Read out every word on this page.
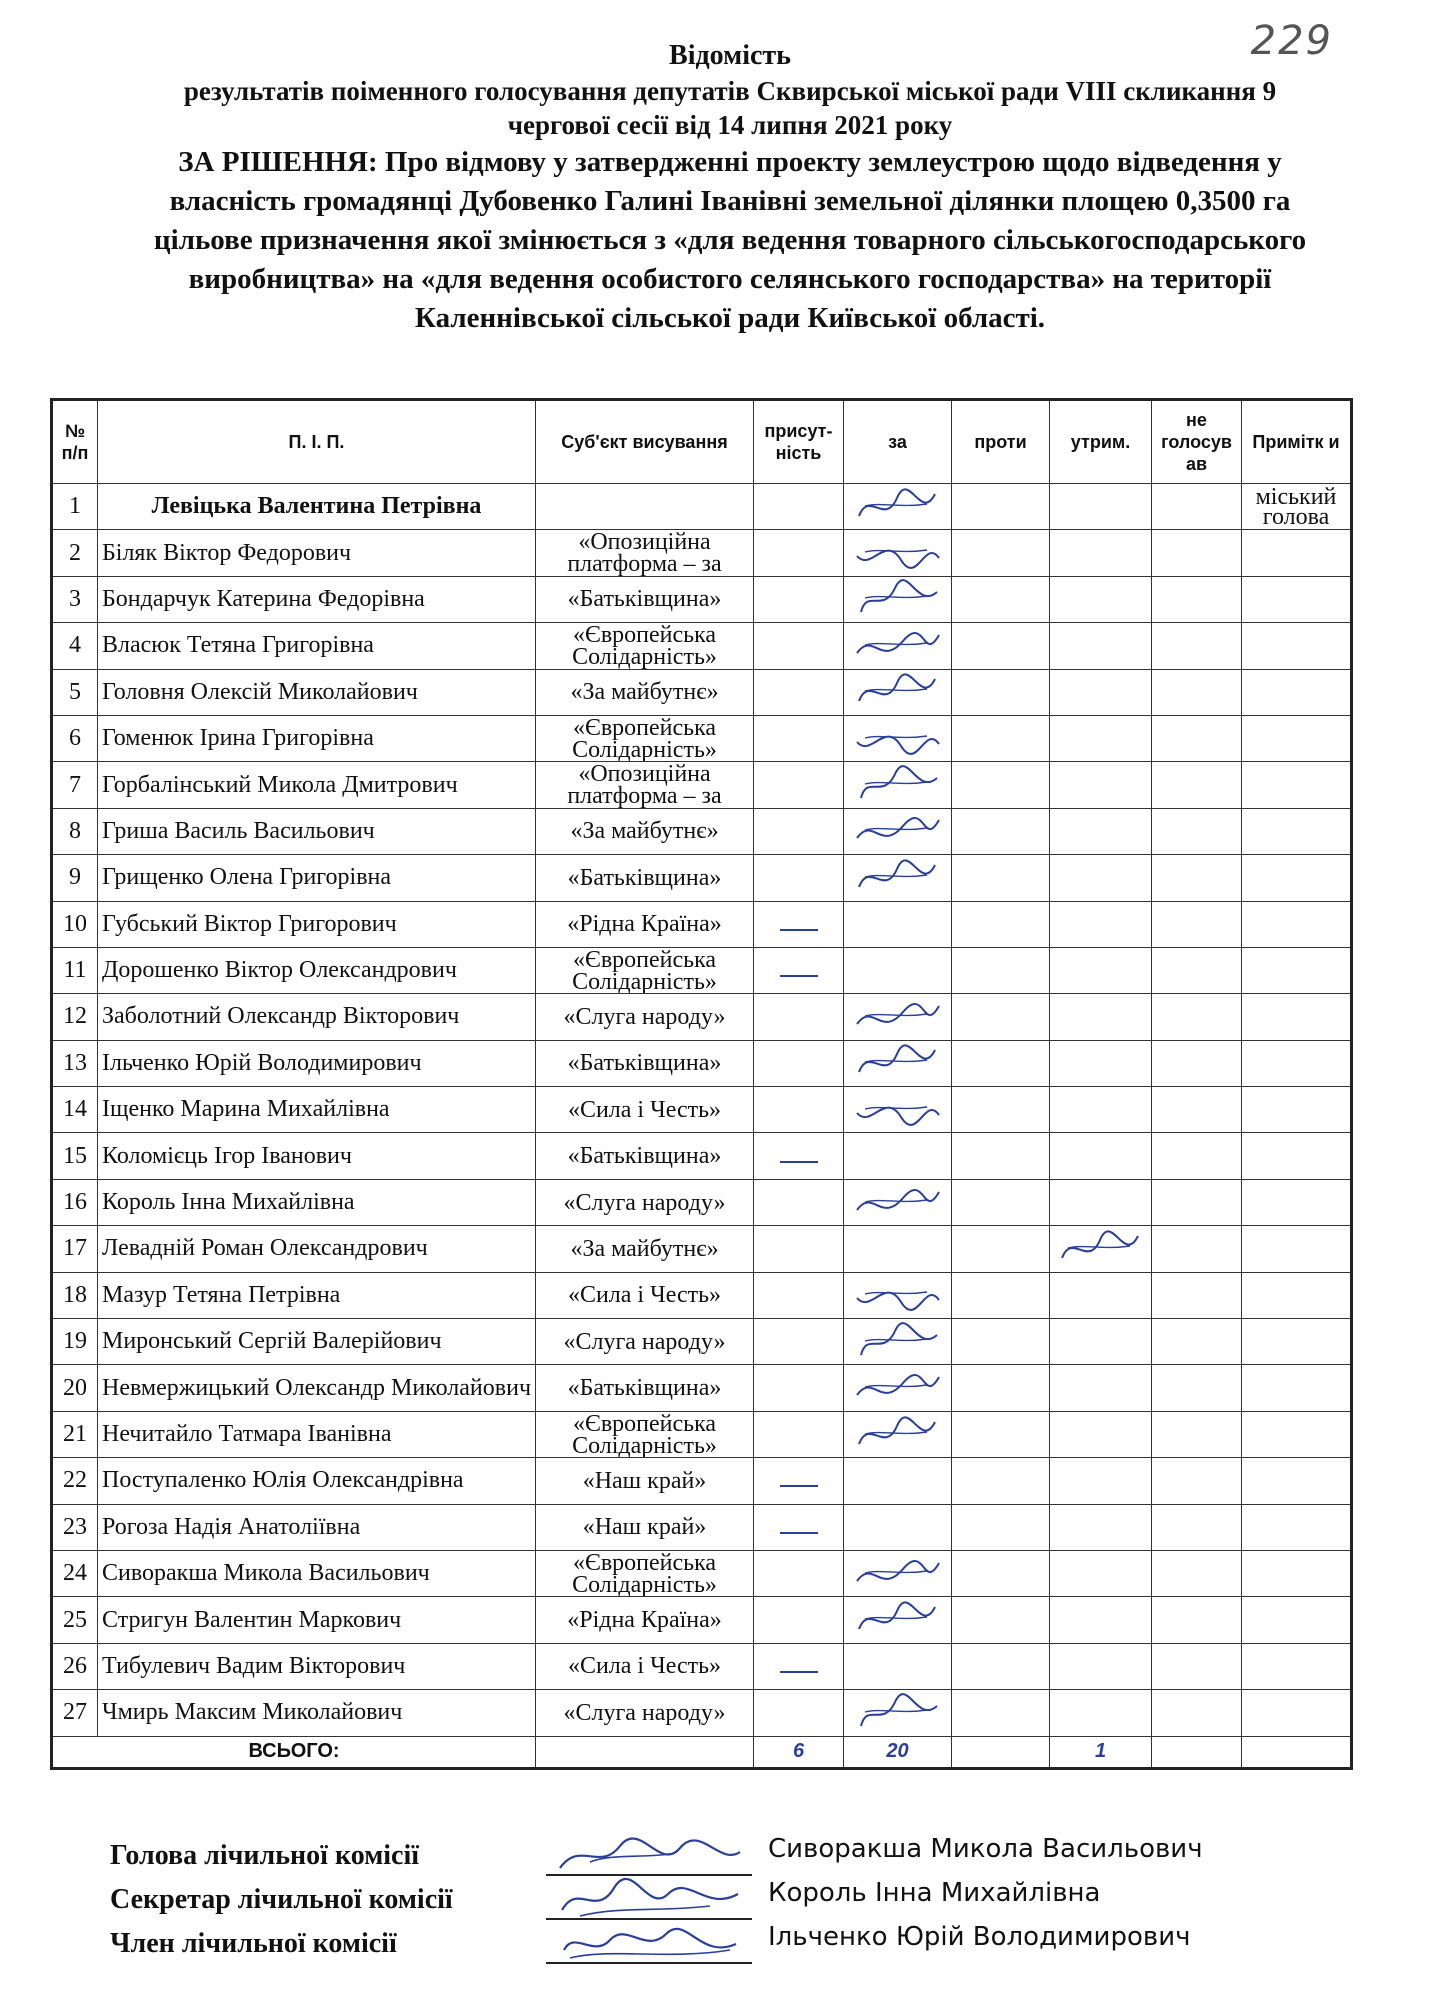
229
Відомість
результатів поіменного голосування депутатів Сквирської міської ради VIII скликання 9
чергової сесії від 14 липня 2021 року
ЗА РІШЕННЯ: Про відмову у затвердженні проекту землеустрою щодо відведення у
власність громадянці Дубовенко Галині Іванівні земельної ділянки площею 0,3500 га
цільове призначення якої змінюється з «для ведення товарного сільськогосподарського
виробництва» на «для ведення особистого селянського господарства» на території
Каленнівської сільської ради Київської області.
№ п/п	П. І. П.	Суб'єкт висування	присут-ність	за	проти	утрим.	не голосув ав	Примітк и
1	Левіцька Валентина Петрівна							міський голова
2	Біляк Віктор Федорович	«Опозиційна платформа – за		

3	Бондарчук Катерина Федорівна	«Батьківщина»		

4	Власюк Тетяна Григорівна	«Європейська Солідарність»		

5	Головня Олексій Миколайович	«За майбутнє»		

6	Гоменюк Ірина Григорівна	«Європейська Солідарність»		

7	Горбалінський Микола Дмитрович	«Опозиційна платформа – за		

8	Гриша Василь Васильович	«За майбутнє»		

9	Грищенко Олена Григорівна	«Батьківщина»		

10	Губський Віктор Григорович	«Рідна Країна»						
11	Дорошенко Віктор Олександрович	«Європейська Солідарність»						
12	Заболотний Олександр Вікторович	«Слуга народу»		

13	Ільченко Юрій Володимирович	«Батьківщина»		

14	Іщенко Марина Михайлівна	«Сила і Честь»		

15	Коломієць Ігор Іванович	«Батьківщина»						
16	Король Інна Михайлівна	«Слуга народу»		

17	Левадній Роман Олександрович	«За майбутнє»				

18	Мазур Тетяна Петрівна	«Сила і Честь»		

19	Миронський Сергій Валерійович	«Слуга народу»		

20	Невмержицький Олександр Миколайович	«Батьківщина»		

21	Нечитайло Татмара Іванівна	«Європейська Солідарність»		

22	Поступаленко Юлія Олександрівна	«Наш край»						
23	Рогоза Надія Анатоліївна	«Наш край»						
24	Сиворакша Микола Васильович	«Європейська Солідарність»		

25	Стригун Валентин Маркович	«Рідна Країна»		

26	Тибулевич Вадим Вікторович	«Сила і Честь»						
27	Чмирь Максим Миколайович	«Слуга народу»		

ВСЬОГО:			6	20		1		
Голова лічильної комісії	Сиворакша Микола Васильович
Секретар лічильної комісії	Король Інна Михайлівна
Член лічильної комісії	Ільченко Юрій Володимирович
